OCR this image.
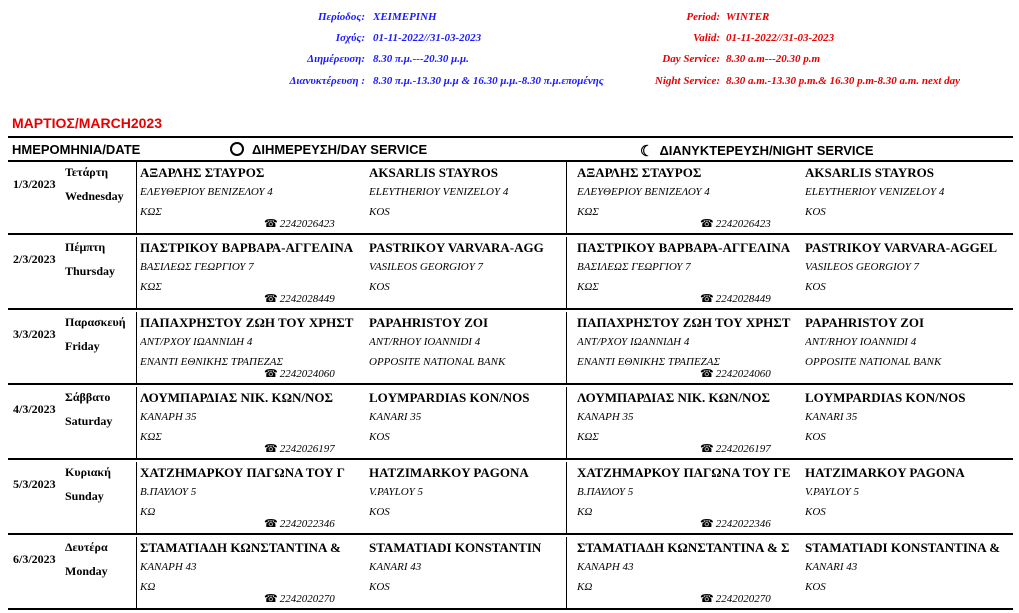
Περίοδος: ΧΕΙΜΕΡΙΝΗ
Ισχύς: 01-11-2022//31-03-2023
Διημέρευση: 8.30 π.μ.---20.30 μ.μ.
Διανυκτέρευση : 8.30 π.μ.-13.30 μ.μ & 16.30 μ.μ.-8.30 π.μ.επομένης
Period: WINTER
Valid: 01-11-2022//31-03-2023
Day Service: 8.30 a.m---20.30 p.m
Night Service: 8.30 a.m.-13.30 p.m.& 16.30 p.m-8.30 a.m. next day
ΜΑΡΤΙΟΣ/MARCH2023
ΗΜΕΡΟΜΗΝΙΑ/DATE	ΔΙΗΜΕΡΕΥΣΗ/DAY SERVICE	☾ ΔΙΑΝΥΚΤΕΡΕΥΣΗ/NIGHT SERVICE
1/3/2023
Τετάρτη
Wednesday
ΑΞΑΡΛΗΣ ΣΤΑΥΡΟΣ
ΕΛΕΥΘΕΡΙΟΥ ΒΕΝΙΖΕΛΟΥ 4
ΚΩΣ
☎ 2242026423
AKSARLIS STAYROS
ELEYTHERIOY VENIZELOY 4
KOS
ΑΞΑΡΛΗΣ ΣΤΑΥΡΟΣ
ΕΛΕΥΘΕΡΙΟΥ ΒΕΝΙΖΕΛΟΥ 4
ΚΩΣ
☎ 2242026423
AKSARLIS STAYROS
ELEYTHERIOY VENIZELOY 4
KOS
2/3/2023
Πέμπτη
Thursday
ΠΑΣΤΡΙΚΟΥ ΒΑΡΒΑΡΑ-ΑΓΓΕΛΙΝΑ
ΒΑΣΙΛΕΩΣ ΓΕΩΡΓΙΟΥ 7
ΚΩΣ
☎ 2242028449
PASTRIKOY VARVARA-AGG
VASILEOS GEORGIOY 7
KOS
ΠΑΣΤΡΙΚΟΥ ΒΑΡΒΑΡΑ-ΑΓΓΕΛΙΝΑ
ΒΑΣΙΛΕΩΣ ΓΕΩΡΓΙΟΥ 7
ΚΩΣ
☎ 2242028449
PASTRIKOY VARVARA-AGGEL
VASILEOS GEORGIOY 7
KOS
3/3/2023
Παρασκευή
Friday
ΠΑΠΑΧΡΗΣΤΟΥ ΖΩΗ ΤΟΥ ΧΡΗΣΤ
ΑΝΤ/ΡΧΟΥ ΙΩΑΝΝΙΔΗ 4
ΕΝΑΝΤΙ ΕΘΝΙΚΗΣ ΤΡΑΠΕΖΑΣ
☎ 2242024060
PAPAHRISTOY ZOI
ANT/RHOY IOANNIDI 4
OPPOSITE NATIONAL BANK
ΠΑΠΑΧΡΗΣΤΟΥ ΖΩΗ ΤΟΥ ΧΡΗΣΤ
ΑΝΤ/ΡΧΟΥ ΙΩΑΝΝΙΔΗ 4
ΕΝΑΝΤΙ ΕΘΝΙΚΗΣ ΤΡΑΠΕΖΑΣ
☎ 2242024060
PAPAHRISTOY ZOI
ANT/RHOY IOANNIDI 4
OPPOSITE NATIONAL BANK
4/3/2023
Σάββατο
Saturday
ΛΟΥΜΠΑΡΔΙΑΣ ΝΙΚ. ΚΩΝ/ΝΟΣ
ΚΑΝΑΡΗ 35
ΚΩΣ
☎ 2242026197
LOYMPARDIAS KON/NOS
KANARI 35
KOS
ΛΟΥΜΠΑΡΔΙΑΣ ΝΙΚ. ΚΩΝ/ΝΟΣ
ΚΑΝΑΡΗ 35
ΚΩΣ
☎ 2242026197
LOYMPARDIAS KON/NOS
KANARI 35
KOS
5/3/2023
Κυριακή
Sunday
ΧΑΤΖΗΜΑΡΚΟΥ ΠΑΓΩΝΑ ΤΟΥ Γ
Β.ΠΑΥΛΟΥ 5
ΚΩ
☎ 2242022346
HATZIMARKOY PAGONA
V.PAYLOY 5
KOS
ΧΑΤΖΗΜΑΡΚΟΥ ΠΑΓΩΝΑ ΤΟΥ ΓΕ
Β.ΠΑΥΛΟΥ 5
ΚΩ
☎ 2242022346
HATZIMARKOY PAGONA
V.PAYLOY 5
KOS
6/3/2023
Δευτέρα
Monday
ΣΤΑΜΑΤΙΑΔΗ ΚΩΝΣΤΑΝΤΙΝΑ &
ΚΑΝΑΡΗ 43
ΚΩ
☎ 2242020270
STAMATIADI KONSTANTIN
KANARI 43
KOS
ΣΤΑΜΑΤΙΑΔΗ ΚΩΝΣΤΑΝΤΙΝΑ & Σ
ΚΑΝΑΡΗ 43
ΚΩ
☎ 2242020270
STAMATIADI KONSTANTINA &
KANARI 43
KOS
